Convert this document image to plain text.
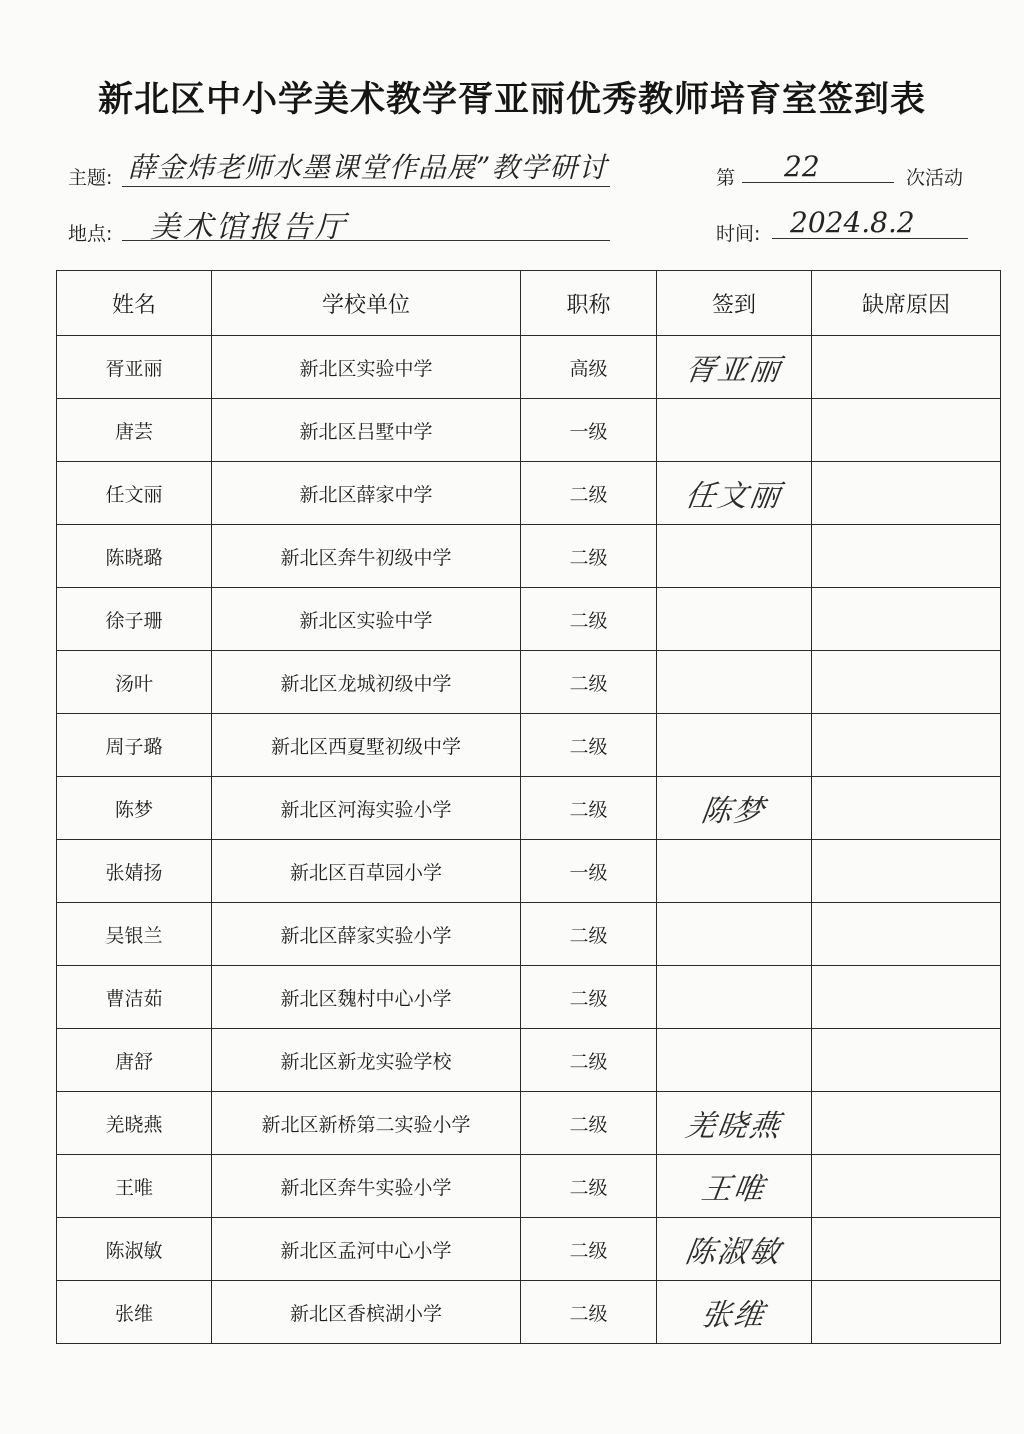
新北区中小学美术教学胥亚丽优秀教师培育室签到表
主题: 薛金炜老师水墨课堂作品展”教学研讨	第 22	次活动
地点: 美术馆报告厅	时间: 2024.8.2
姓名	学校单位	职称	签到	缺席原因
胥亚丽	新北区实验中学	高级	胥亚丽	
唐芸	新北区吕墅中学	一级		
任文丽	新北区薛家中学	二级	任文丽	
陈晓璐	新北区奔牛初级中学	二级		
徐子珊	新北区实验中学	二级		
汤叶	新北区龙城初级中学	二级		
周子璐	新北区西夏墅初级中学	二级		
陈梦	新北区河海实验小学	二级	陈梦	
张婧扬	新北区百草园小学	一级		
吴银兰	新北区薛家实验小学	二级		
曹洁茹	新北区魏村中心小学	二级		
唐舒	新北区新龙实验学校	二级		
羌晓燕	新北区新桥第二实验小学	二级	羌晓燕	
王唯	新北区奔牛实验小学	二级	王唯	
陈淑敏	新北区孟河中心小学	二级	陈淑敏	
张维	新北区香槟湖小学	二级	张维	
